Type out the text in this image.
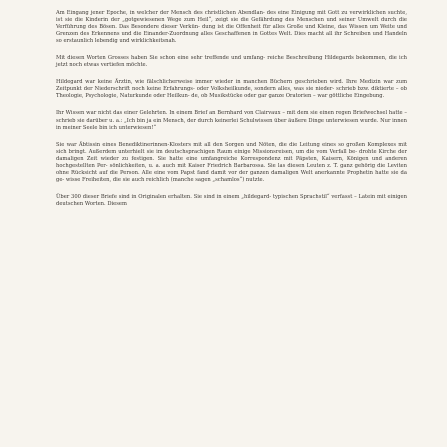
Am Eingang jener Epoche, in welcher der Mensch des christlichen Abendlan- des eine Einigung mit Gott zu verwirklichen suchte, ist sie die Kinderin der „gotgewiesenen Wege zum Heil“, zeigt sie die Gefährdung des Menschen und seiner Umwelt durch die Verführung des Bösen. Das Besondere dieser Verkün- dung ist die Offenheit für alles Große und Kleine, das Wissen um Weite und Grenzen des Erkennens und die Einander-Zuordnung alles Geschaffenen in Gottes Welt. Dies macht all ihr Schreiben und Handeln so erstaunlich lebendig und wirklichkeitsnah.

Mit diesen Worten Grosses haben Sie schon eine sehr treffende und umfang- reiche Beschreibung Hildegards bekommen, die ich jetzt noch etwas vertiefen möchte.

Hildegard war keine Ärztin, wie fälschlicherweise immer wieder in manchen Büchern geschrieben wird. Ihre Medizin war zum Zeitpunkt der Niederschrift noch keine Erfahrungs- oder Volksheilkunde, sondern alles, was sie nieder- schrieb bzw. diktierte – ob Theologie, Psychologie, Naturkunde oder Heilkun- de, ob Musikstücke oder gar ganze Oratorien – war göttliche Eingebung.

Ihr Wissen war nicht das einer Gelehrten. In einem Brief an Bernhard von Clairvaux – mit dem sie einen regen Briefwechsel hatte – schrieb sie darüber u. a.: „Ich bin ja ein Mensch, der durch keinerlei Schulwissen über äußere Dinge unterwiesen wurde. Nur innen in meiner Seele bin ich unterwiesen!“

Sie war Äbtissin eines Benediktinerinnen-Klosters mit all den Sorgen und Nöten, die die Leitung eines so großen Komplexes mit sich bringt. Außerdem unterhielt sie im deutschsprachigen Raum einige Missionsreisen, um die vom Verfall be- drohte Kirche der damaligen Zeit wieder zu festigen. Sie hatte eine umfangreiche Korrespondenz mit Päpsten, Kaisern, Königen und anderen hochgestellten Per- sönlichkeiten, u. a. auch mit Kaiser Friedrich Barbarossa. Sie las diesen Leuten z. T. ganz gehörig die Leviten ohne Rücksicht auf die Person. Alle eine vom Papst fand damit vor der ganzen damaligen Welt anerkannte Prophetin hatte sie da ge- wisse Freiheiten, die sie auch reichlich (manche sagen „schamlos“) nutzte.

Über 300 dieser Briefe sind in Originalen erhalten. Sie sind in einem „hildegard- typischen Sprachstil“ verfasst – Latein mit einigen deutschen Worten. Diesem
